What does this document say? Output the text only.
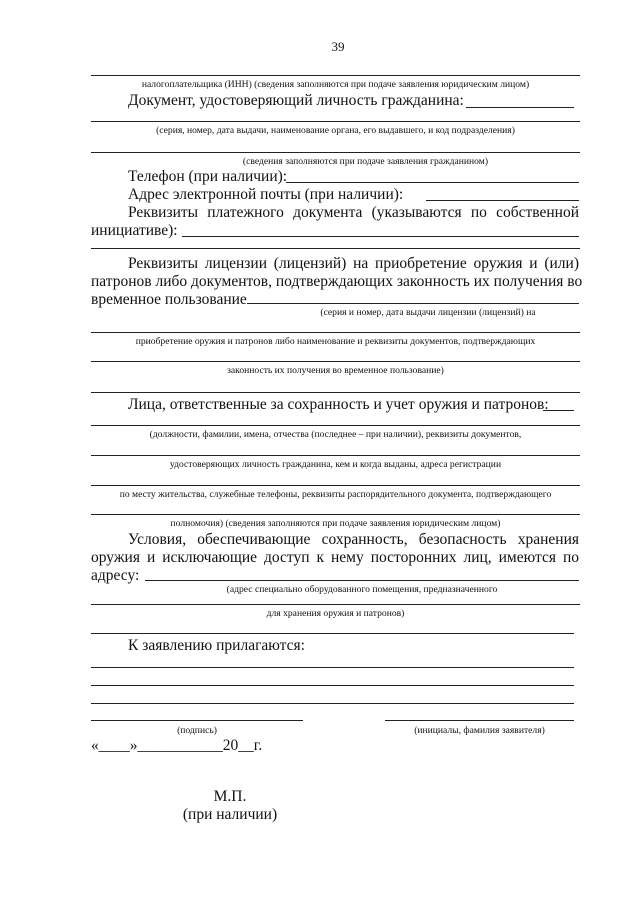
39
налогоплательщика (ИНН) (сведения заполняются при подаче заявления юридическим лицом)
Документ, удостоверяющий личность гражданина:
(серия, номер, дата выдачи, наименование органа, его выдавшего, и код подразделения)
(сведения заполняются при подаче заявления гражданином)
Телефон (при наличии):
Адрес электронной почты (при наличии):
Реквизиты платежного документа (указываются по собственной
инициативе):
Реквизиты лицензии (лицензий) на приобретение оружия и (или)
патронов либо документов, подтверждающих законность их получения во
временное пользование
(серия и номер, дата выдачи лицензии (лицензий) на
приобретение оружия и патронов либо наименование и реквизиты документов, подтверждающих
законность их получения во временное пользование)
Лица, ответственные за сохранность и учет оружия и патронов:
(должности, фамилии, имена, отчества (последнее – при наличии), реквизиты документов,
удостоверяющих личность гражданина, кем и когда выданы, адреса регистрации
по месту жительства, служебные телефоны, реквизиты распорядительного документа, подтверждающего
полномочия) (сведения заполняются при подаче заявления юридическим лицом)
Условия, обеспечивающие сохранность, безопасность хранения
оружия и исключающие доступ к нему посторонних лиц, имеются по
адресу:
(адрес специально оборудованного помещения, предназначенного
для хранения оружия и патронов)
К заявлению прилагаются:
(подпись)	(инициалы, фамилия заявителя)
«____»___________20__г.
М.П.
(при наличии)
